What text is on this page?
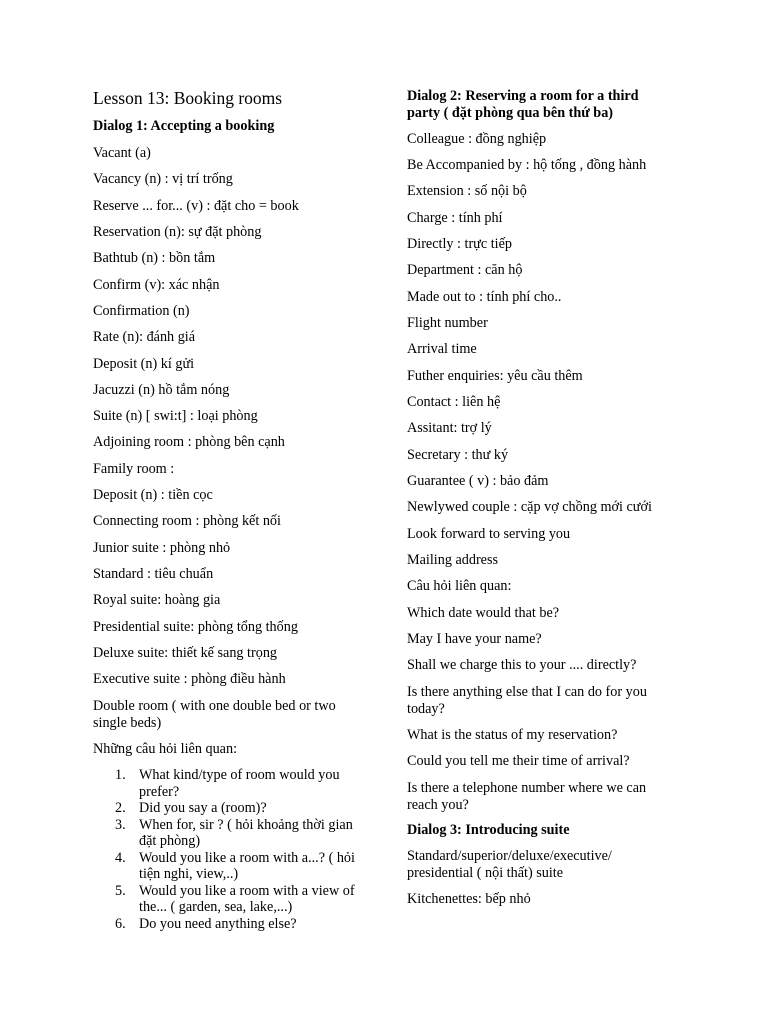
Lesson 13: Booking rooms

Dialog 1: Accepting a booking

Vacant (a)

Vacancy (n) : vị trí trống

Reserve ... for... (v) : đặt cho = book

Reservation (n): sự đặt phòng

Bathtub (n) : bồn tắm

Confirm (v): xác nhận

Confirmation (n)

Rate (n): đánh giá

Deposit (n) kí gửi

Jacuzzi (n) hồ tắm nóng

Suite (n) [ swi:t] : loại phòng

Adjoining room : phòng bên cạnh

Family room :

Deposit (n) : tiền cọc

Connecting room : phòng kết nối

Junior suite : phòng nhỏ

Standard : tiêu chuẩn

Royal suite: hoàng gia

Presidential suite: phòng tổng thống

Deluxe suite: thiết kế sang trọng

Executive suite : phòng điều hành

Double room ( with one double bed or two single beds)

Những câu hỏi liên quan:

1. What kind/type of room would you prefer?
2. Did you say a (room)?
3. When for, sir ? ( hỏi khoảng thời gian đặt phòng)
4. Would you like a room with a...? ( hỏi tiện nghi, view,..)
5. Would you like a room with a view of the... ( garden, sea, lake,...)
6. Do you need anything else?

Dialog 2: Reserving a room for a third party ( đặt phòng qua bên thứ ba)

Colleague : đồng nghiệp

Be Accompanied by : hộ tống , đồng hành

Extension : số nội bộ

Charge : tính phí

Directly : trực tiếp

Department : căn hộ

Made out to : tính phí cho..

Flight number

Arrival time

Futher enquiries: yêu cầu thêm

Contact : liên hệ

Assitant: trợ lý

Secretary : thư ký

Guarantee ( v) : bảo đảm

Newlywed couple : cặp vợ chồng mới cưới

Look forward to serving you

Mailing address

Câu hỏi liên quan:

Which date would that be?

May I have your name?

Shall we charge this to your .... directly?

Is there anything else that I can do for you today?

What is the status of my reservation?

Could you tell me their time of arrival?

Is there a telephone number where we can reach you?

Dialog 3: Introducing suite

Standard/superior/deluxe/executive/ presidential ( nội thất) suite

Kitchenettes: bếp nhỏ
